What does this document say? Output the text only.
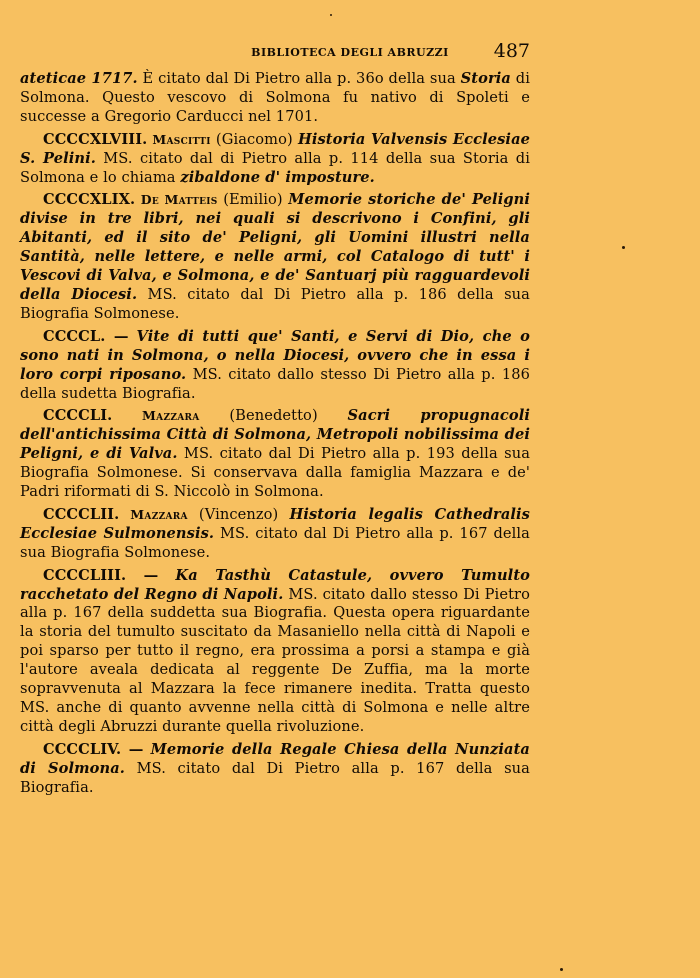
BIBLIOTECA DEGLI ABRUZZI	487

ateticae 1717. È citato dal Di Pietro alla p. 36o della sua Storia di Solmona. Questo vescovo di Solmona fu nativo di Spoleti e successe a Gregorio Carducci nel 1701.

CCCCXLVIII. Mascitti (Giacomo) Historia Valvensis Ecclesiae S. Pelini. MS. citato dal di Pietro alla p. 114 della sua Storia di Solmona e lo chiama zibaldone d' imposture.

CCCCXLIX. De Matteis (Emilio) Memorie storiche de' Peligni divise in tre libri, nei quali si descrivono i Confini, gli Abitanti, ed il sito de' Peligni, gli Uomini illustri nella Santità, nelle lettere, e nelle armi, col Catalogo di tutt' i Vescovi di Valva, e Solmona, e de' Santuarj più ragguardevoli della Diocesi. MS. citato dal Di Pietro alla p. 186 della sua Biografia Solmonese.

CCCCL. — Vite di tutti que' Santi, e Servi di Dio, che o sono nati in Solmona, o nella Diocesi, ovvero che in essa i loro corpi riposano. MS. citato dallo stesso Di Pietro alla p. 186 della sudetta Biografia.

CCCCLI. Mazzara (Benedetto) Sacri propugnacoli dell'antichissima Città di Solmona, Metropoli nobilissima dei Peligni, e di Valva. MS. citato dal Di Pietro alla p. 193 della sua Biografia Solmonese. Si conservava dalla famiglia Mazzara e de' Padri riformati di S. Niccolò in Solmona.

CCCCLII. Mazzara (Vincenzo) Historia legalis Cathedralis Ecclesiae Sulmonensis. MS. citato dal Di Pietro alla p. 167 della sua Biografia Solmonese.

CCCCLIII. — Ka Tasthù Catastule, ovvero Tumulto racchetato del Regno di Napoli. MS. citato dallo stesso Di Pietro alla p. 167 della suddetta sua Biografia. Questa opera riguardante la storia del tumulto suscitato da Masaniello nella città di Napoli e poi sparso per tutto il regno, era prossima a porsi a stampa e già l'autore aveala dedicata al reggente De Zuffia, ma la morte sopravvenuta al Mazzara la fece rimanere inedita. Tratta questo MS. anche di quanto avvenne nella città di Solmona e nelle altre città degli Abruzzi durante quella rivoluzione.

CCCCLIV. — Memorie della Regale Chiesa della Nunziata di Solmona. MS. citato dal Di Pietro alla p. 167 della sua Biografia.
